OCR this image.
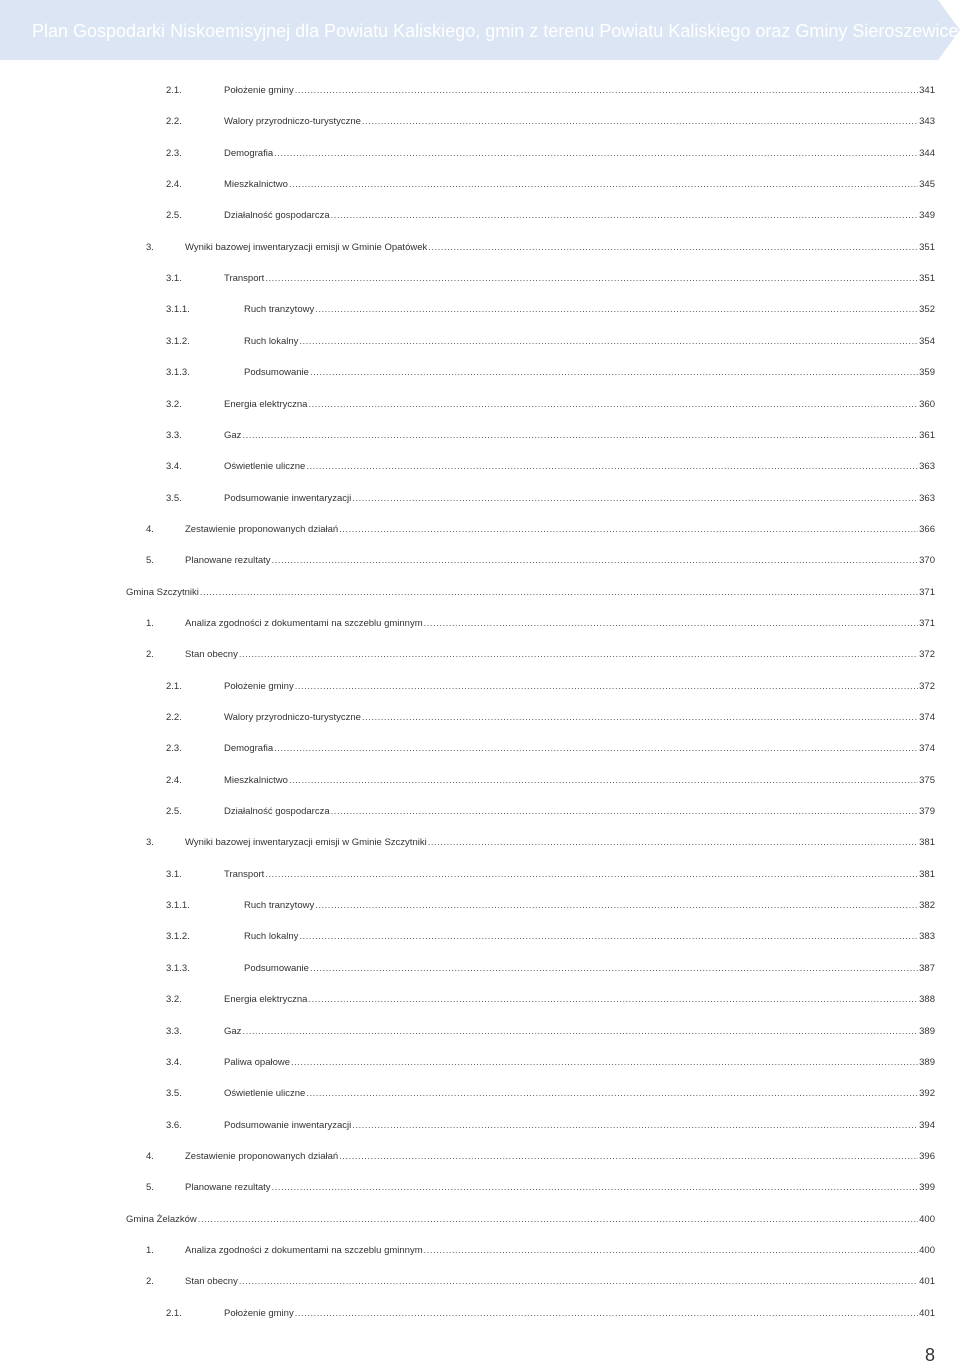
Plan Gospodarki Niskoemisyjnej dla Powiatu Kaliskiego, gmin z terenu Powiatu Kaliskiego oraz Gminy Sieroszewice
2.1.	Położenie gminy .....	341
2.2.	Walory przyrodniczo-turystyczne .....	343
2.3.	Demografia .....	344
2.4.	Mieszkalnictwo .....	345
2.5.	Działalność gospodarcza .....	349
3.	Wyniki bazowej inwentaryzacji emisji w Gminie Opatówek .....	351
3.1.	Transport .....	351
3.1.1.	Ruch tranzytowy .....	352
3.1.2.	Ruch lokalny .....	354
3.1.3.	Podsumowanie .....	359
3.2.	Energia elektryczna .....	360
3.3.	Gaz .....	361
3.4.	Oświetlenie uliczne .....	363
3.5.	Podsumowanie inwentaryzacji .....	363
4.	Zestawienie proponowanych działań .....	366
5.	Planowane rezultaty .....	370
Gmina Szczytniki .....	371
1.	Analiza zgodności z dokumentami na szczeblu gminnym .....	371
2.	Stan obecny .....	372
2.1.	Położenie gminy .....	372
2.2.	Walory przyrodniczo-turystyczne .....	374
2.3.	Demografia .....	374
2.4.	Mieszkalnictwo .....	375
2.5.	Działalność gospodarcza .....	379
3.	Wyniki bazowej inwentaryzacji emisji w Gminie Szczytniki .....	381
3.1.	Transport .....	381
3.1.1.	Ruch tranzytowy .....	382
3.1.2.	Ruch lokalny .....	383
3.1.3.	Podsumowanie .....	387
3.2.	Energia elektryczna .....	388
3.3.	Gaz .....	389
3.4.	Paliwa opałowe .....	389
3.5.	Oświetlenie uliczne .....	392
3.6.	Podsumowanie inwentaryzacji .....	394
4.	Zestawienie proponowanych działań .....	396
5.	Planowane rezultaty .....	399
Gmina Żelazków .....	400
1.	Analiza zgodności z dokumentami na szczeblu gminnym .....	400
2.	Stan obecny .....	401
2.1.	Położenie gminy .....	401
8
